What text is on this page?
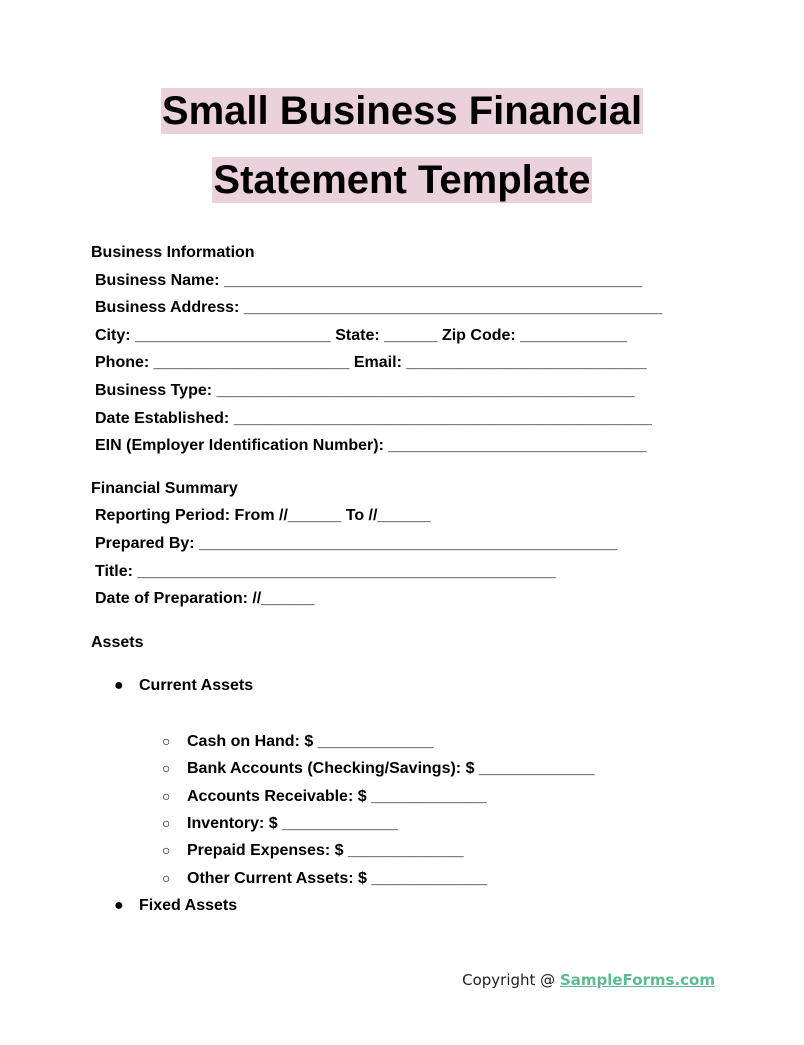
Small Business Financial
Statement Template
Business Information
Business Name: _______________________________________________
Business Address: _______________________________________________
City: ______________________ State: ______ Zip Code: ____________
Phone: ______________________ Email: ___________________________
Business Type: _______________________________________________
Date Established: _______________________________________________
EIN (Employer Identification Number): _____________________________
Financial Summary
Reporting Period: From //______ To //______
Prepared By: _______________________________________________
Title: _______________________________________________
Date of Preparation: //______
Assets
● Current Assets
○ Cash on Hand: $ _____________
○ Bank Accounts (Checking/Savings): $ _____________
○ Accounts Receivable: $ _____________
○ Inventory: $ _____________
○ Prepaid Expenses: $ _____________
○ Other Current Assets: $ _____________
● Fixed Assets
Copyright @ SampleForms.com
